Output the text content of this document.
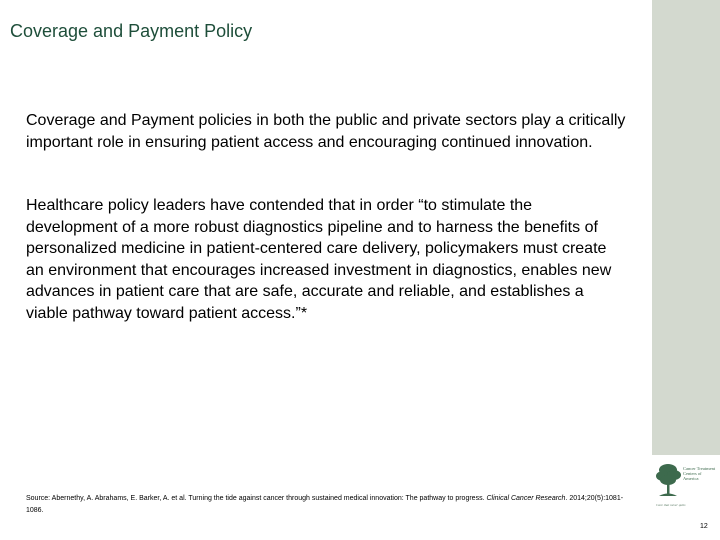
Coverage and Payment Policy

Coverage and Payment policies in both the public and private sectors play a critically important role in ensuring patient access and encouraging continued innovation.

Healthcare policy leaders have contended that in order “to stimulate the development of a more robust diagnostics pipeline and to harness the benefits of personalized medicine in patient-centered care delivery, policymakers must create an environment that encourages increased investment in diagnostics, enables new advances in patient care that are safe, accurate and reliable, and establishes a viable pathway toward patient access.”*

Source: Abernethy, A. Abrahams, E. Barker, A. et al. Turning the tide against cancer through sustained medical innovation: The pathway to progress. Clinical Cancer Research. 2014;20(5):1081-1086.

Cancer Treatment Centers of America
Care that never quits
12
